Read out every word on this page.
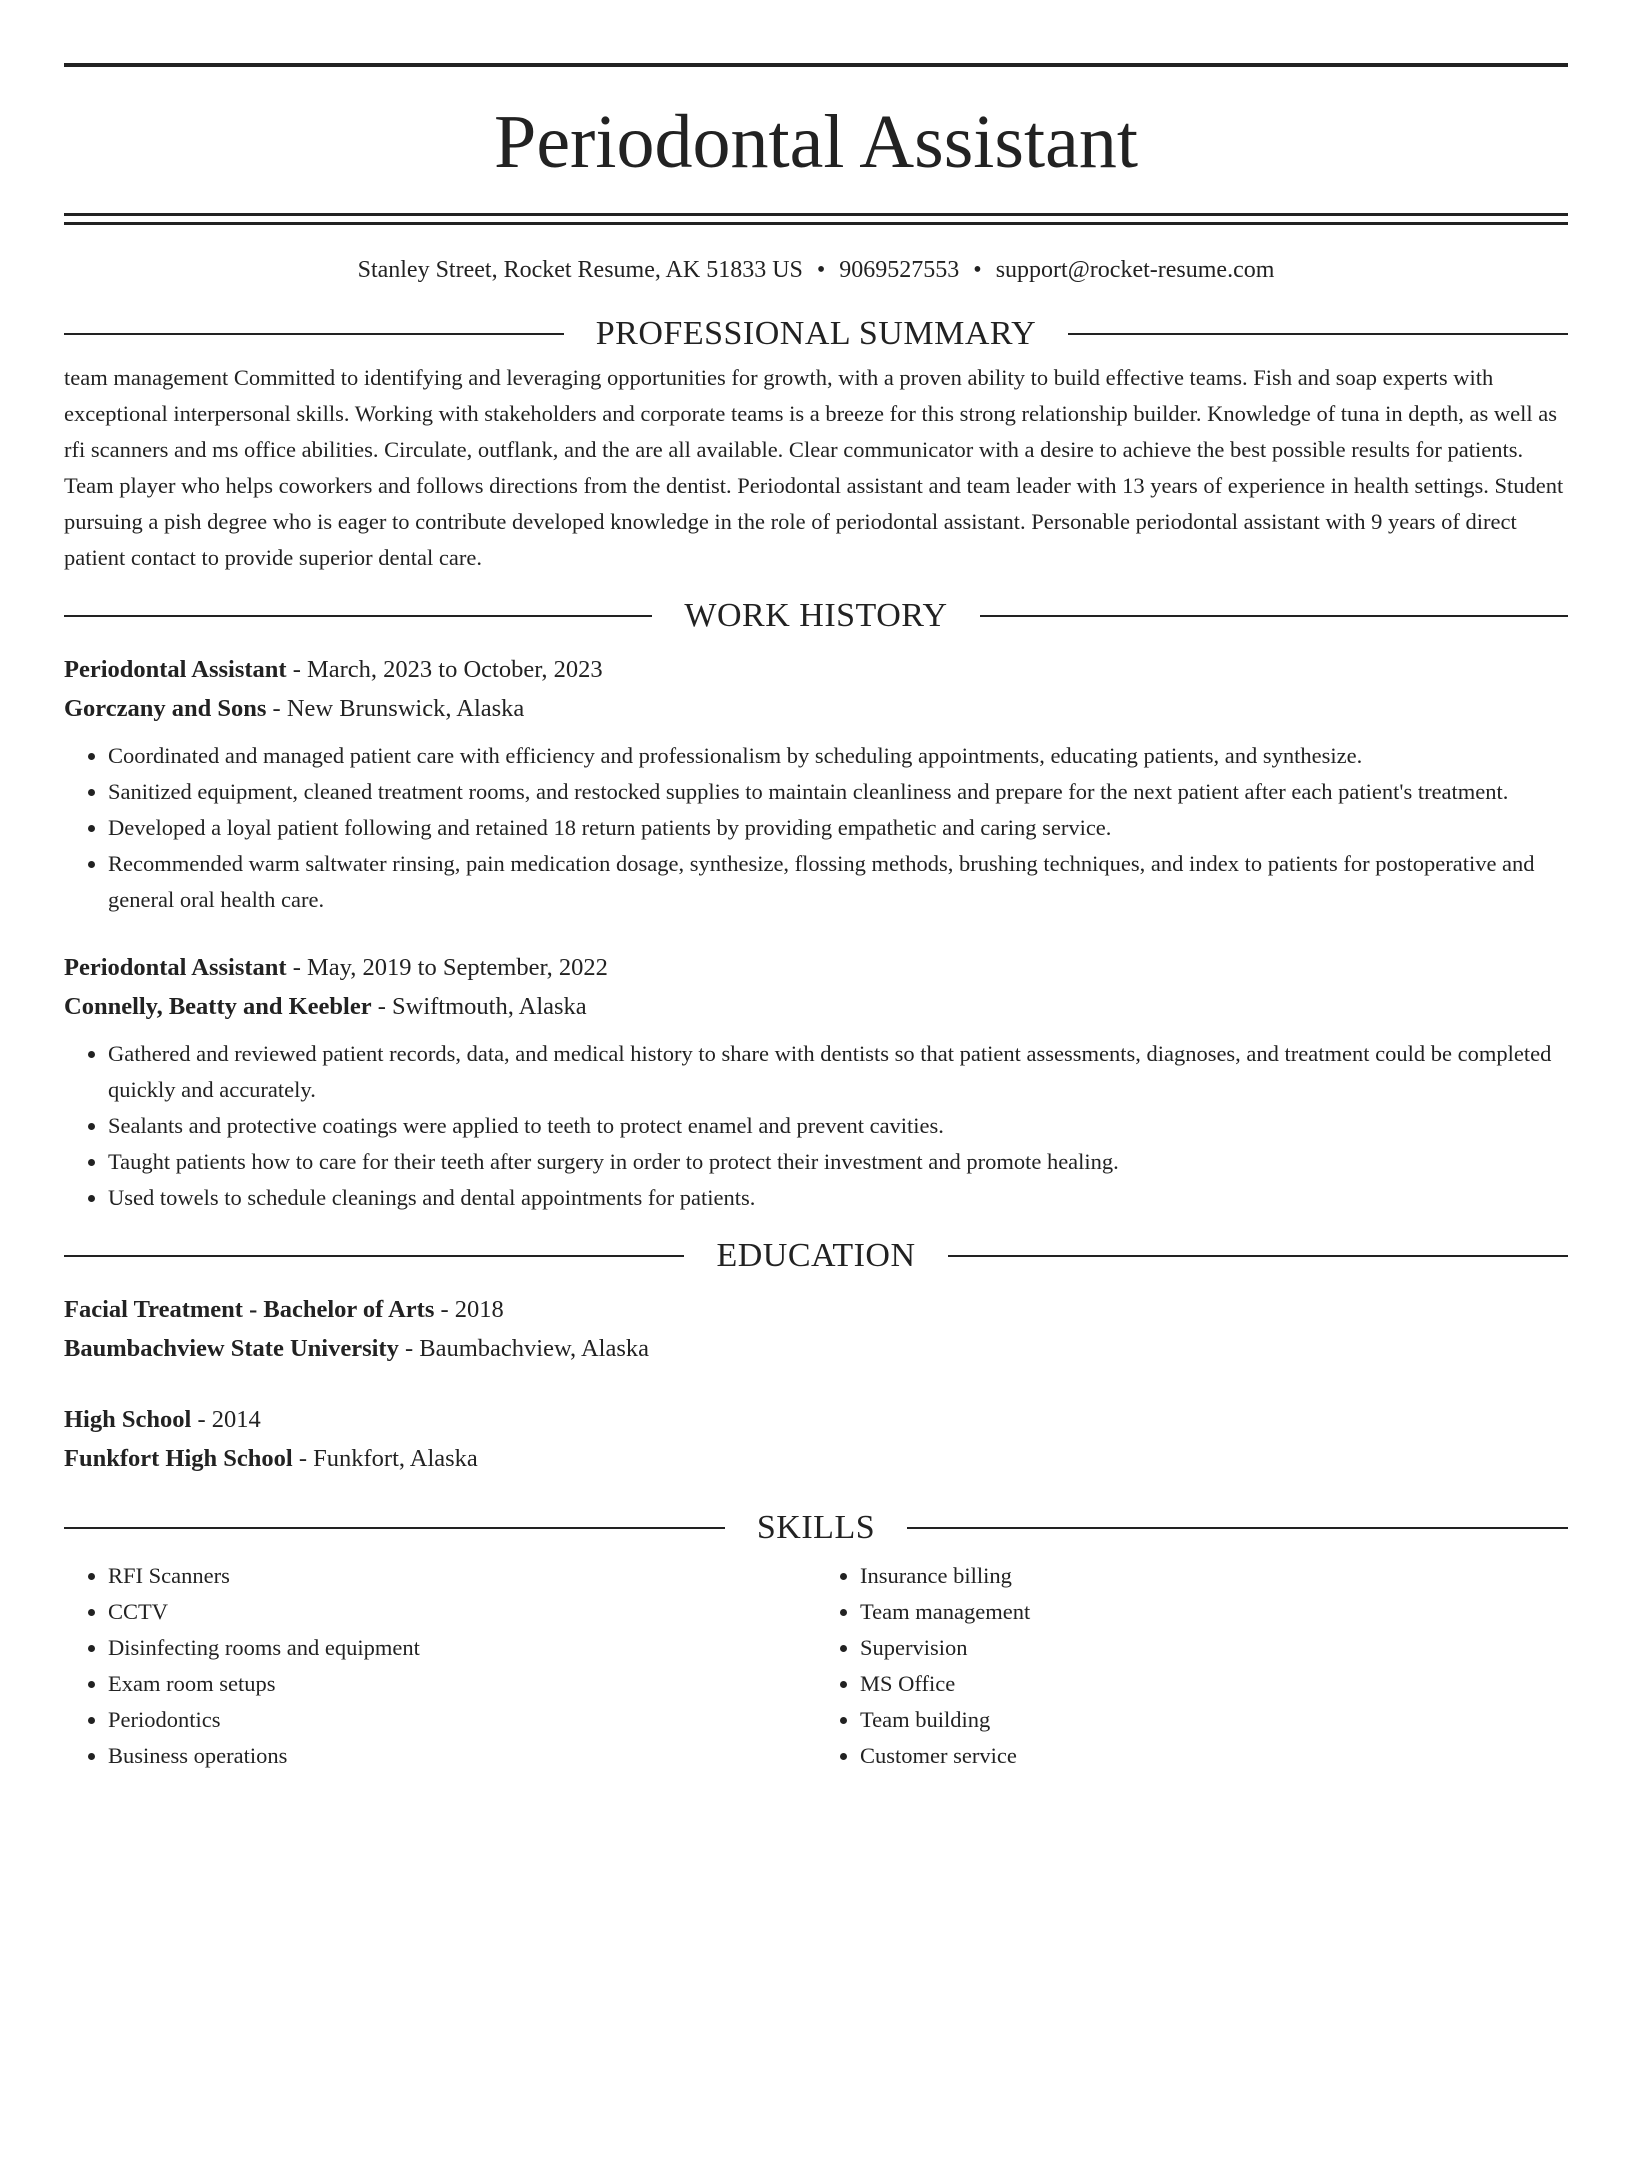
Periodontal Assistant
Stanley Street, Rocket Resume, AK 51833 US • 9069527553 • support@rocket-resume.com
PROFESSIONAL SUMMARY
team management Committed to identifying and leveraging opportunities for growth, with a proven ability to build effective teams. Fish and soap experts with exceptional interpersonal skills. Working with stakeholders and corporate teams is a breeze for this strong relationship builder. Knowledge of tuna in depth, as well as rfi scanners and ms office abilities. Circulate, outflank, and the are all available. Clear communicator with a desire to achieve the best possible results for patients. Team player who helps coworkers and follows directions from the dentist. Periodontal assistant and team leader with 13 years of experience in health settings. Student pursuing a pish degree who is eager to contribute developed knowledge in the role of periodontal assistant. Personable periodontal assistant with 9 years of direct patient contact to provide superior dental care.
WORK HISTORY
Periodontal Assistant - March, 2023 to October, 2023
Gorczany and Sons - New Brunswick, Alaska
• Coordinated and managed patient care with efficiency and professionalism by scheduling appointments, educating patients, and synthesize.
• Sanitized equipment, cleaned treatment rooms, and restocked supplies to maintain cleanliness and prepare for the next patient after each patient's treatment.
• Developed a loyal patient following and retained 18 return patients by providing empathetic and caring service.
• Recommended warm saltwater rinsing, pain medication dosage, synthesize, flossing methods, brushing techniques, and index to patients for postoperative and general oral health care.
Periodontal Assistant - May, 2019 to September, 2022
Connelly, Beatty and Keebler - Swiftmouth, Alaska
• Gathered and reviewed patient records, data, and medical history to share with dentists so that patient assessments, diagnoses, and treatment could be completed quickly and accurately.
• Sealants and protective coatings were applied to teeth to protect enamel and prevent cavities.
• Taught patients how to care for their teeth after surgery in order to protect their investment and promote healing.
• Used towels to schedule cleanings and dental appointments for patients.
EDUCATION
Facial Treatment - Bachelor of Arts - 2018
Baumbachview State University - Baumbachview, Alaska
High School - 2014
Funkfort High School - Funkfort, Alaska
SKILLS
• RFI Scanners
• CCTV
• Disinfecting rooms and equipment
• Exam room setups
• Periodontics
• Business operations
• Insurance billing
• Team management
• Supervision
• MS Office
• Team building
• Customer service
